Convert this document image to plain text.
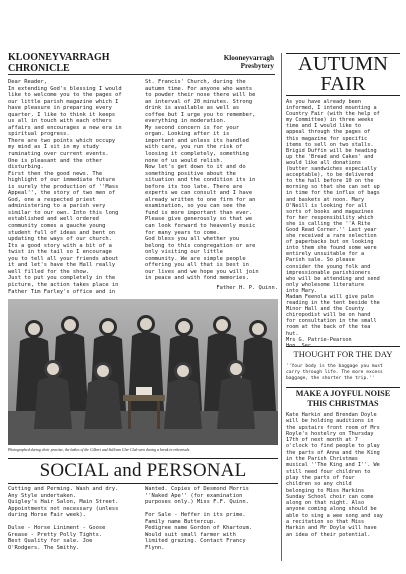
KLOONEYVARRAGH
CHRONICLE
Klooneyvarragh
Presbytery
Dear Reader,
In extending God's blessing I would
like to welcome you to the pages of
our little parish magazine which I
have pleasure in preparing every
quarter. I like to think it keeps
us all in touch with each others
affairs and encourages a new era in
spiritual progress.
There are two points which occupy
my mind as I sit in my study
ruminating over current events.
One is pleasant and the other
disturbing.
First then the good news. The
highlight of our immediate future
is surely the production of ''Mass
Appeal'', the story of two men of
God, one a respected priest
administering to a parish very
similar to our own. Into this long
established and well ordered
community comes a gauche young
student full of ideas and bent on
updating the ways of our church.
Its a good story with a bit of a
twist in the tail so I encourage
you to tell all your friends about
it and let's have the Hall really
well filled for the show.
Just to put you completely in the
picture, the action takes place in
Father Tim Farley's office and in
St. Francis' Church, during the
autumn time. For anyone who wants
to powder their nose there will be
an interval of 20 minutes. Strong
drink is available as well as
coffee but I urge you to remember,
everything in moderation.
My second concern is for your
organ. Looking after it is
important and unless its handled
with care, you run the risk of
loosing it completely, something
none of us would relish.
Now let's get down to it and do
something positive about the
situation and the condition its in
before its too late. There are
experts we can consult and I have
already written to one firm for an
examination, so you can see the
fund is more important than ever.
Please give generously so that we
can look forward to heavenly music
for many years to come.
God bless you all whether you
belong to this congregation or are
only visiting our little
community. We are simple people
offering you all that is best in
our lives and we hope you will join
in peace and with fond memories.
Father H. P. Quinn.
Photographed during choir practise, the ladies of the Gilbert and Sullivan Glee Club seen during a break in rehearsals.
SOCIAL and PERSONAL
Cutting and Perming. Wash and dry.
Any Style undertaken.
Quigley's Hair Salon, Main Street.
Appointments not necessary (unless
during Horse Fair week).

Dulse - Horse Liniment - Goose
Grease - Pretty Polly Tights.
Best Quality for sale. Joe
O'Rodgers. The Smithy.
Wanted. Copies of Desmond Morris
''Naked Ape'' (for examination
purposes only.) Miss F.F. Quinn.

For Sale - Heffer in its prime.
Family name Buttercup.
Pedigree name Gordon of Khartoum.
Would suit small farmer with
limited grazing. Contact Francy
Flynn.
AUTUMN
FAIR
As you have already been
informed, I intend mounting a
Country Fair (with the help of
my Committee) in three weeks
time and I would like to
appeal through the pages of
this magazine for specific
items to sell on two stalls.
Brigid Duffin will be heading
up the 'Bread and Cakes' and
would like all donations
(butter sandwiches especially
acceptable), to be delivered
to the hall before 10 on the
morning so that she can set up
in time for the influx of bags
and baskets at noon. Mary
O'Neill is looking for all
sorts of books and magazines
for her responsibility which
she is calling the ''A Rite
Good Read Corner.'' Last year
she received a rare selection
of paperbacks but on looking
into them she found some were
entirely unsuitable for a
Parish sale. So please
consider the young folk and
impressionable parishioners
who will be attending and send
only wholesome literature
into Mary.
Madam Feenola will give palm
reading in the tent beside the
Minor Hall and the County
chiropodist will be on hand
for consultation in the small
room at the back of the tea
hut.
Mrs G. Patrie-Pearson

THOUGHT FOR THE DAY
''Your body is the baggage you must
carry through life. The more excess
baggage, the shorter the trip.''
MAKE A JOYFUL NOISE
THIS CHRISTMAS
Kate Harkin and Brendan Doyle
will be holding auditions in
the upstairs front room of Mrs
Royle's hostelry on Thursday
17th of next month at 7
o'clock to find people to play
the parts of Anna and the King
in the Parish Christmas
musical ''The King and I''. We
still need four children to
play the parts of four
children so any child
belonging to Miss Harkins
Sunday School choir can come
along on that night. Also
anyone coming along should be
able to sing a wee song and say
a recitation so that Miss
Harkin and Mr Doyle will have
an idea of their potential.
